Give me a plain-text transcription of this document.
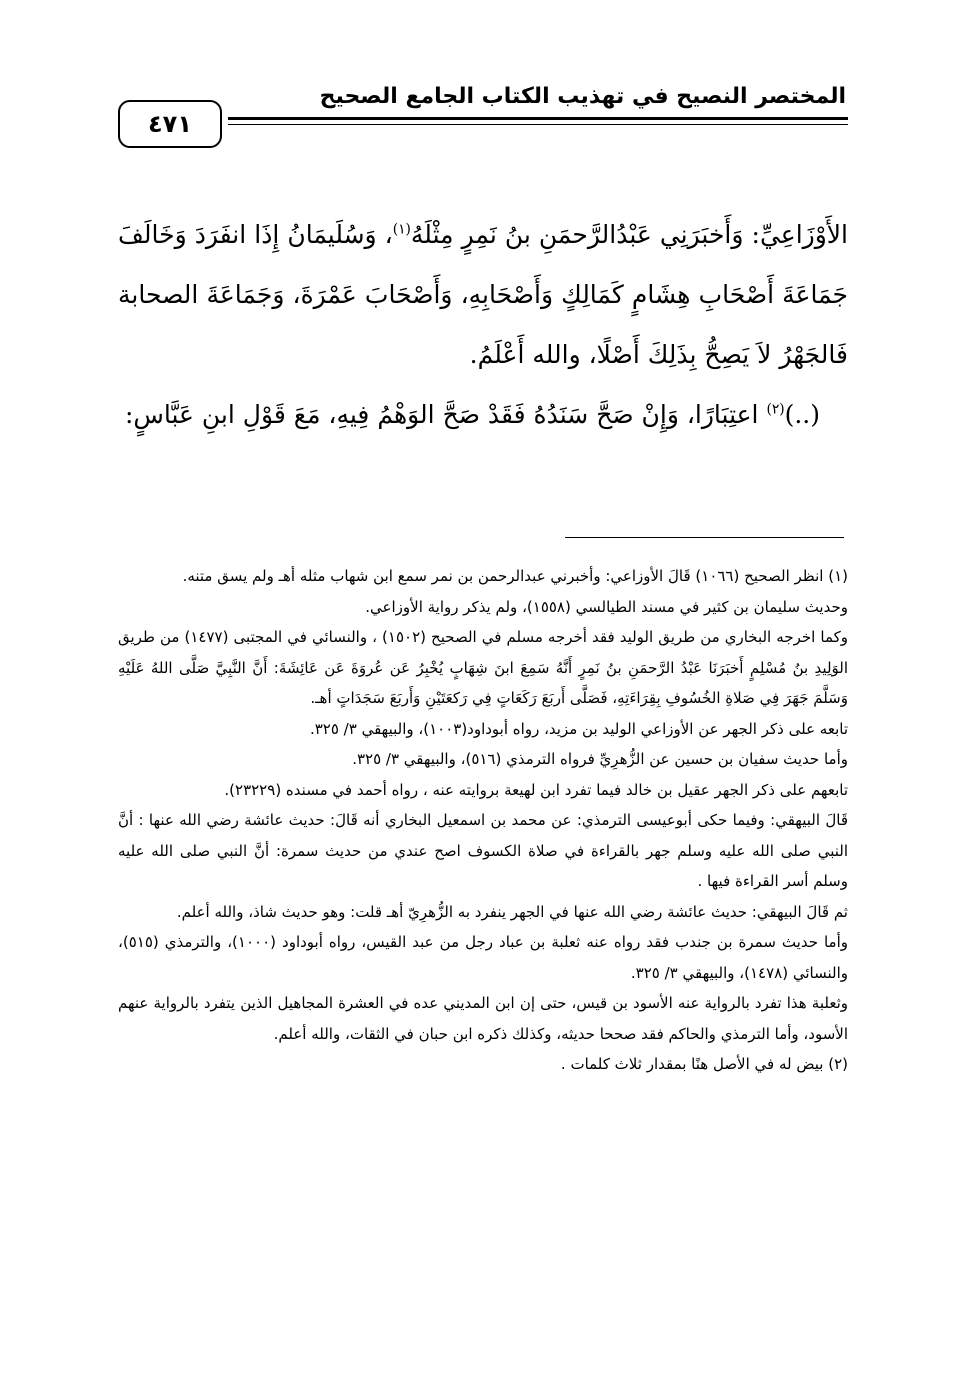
المختصر النصيح في تهذيب الكتاب الجامع الصحيح
٤٧١

الأَوْزَاعِيِّ: وَأَخبَرَنِي عَبْدُالرَّحمَنِ بنُ نَمِرٍ مِثْلَهُ$^{(١)}$، وَسُلَيمَانُ إِذَا انفَرَدَ وَخَالَفَ جَمَاعَةَ أَصْحَابِ هِشَامٍ كَمَالِكٍ وَأَصْحَابِهِ، وَأَصْحَابَ عَمْرَةَ، وَجَمَاعَةَ الصحابة فَالجَهْرُ لاَ يَصِحُّ بِذَلِكَ أَصْلًا، والله أَعْلَمُ.

(..)$^{(٢)}$ اعتِبَارًا، وَإِنْ صَحَّ سَنَدُهُ فَقَدْ صَحَّ الوَهْمُ فِيهِ، مَعَ قَوْلِ ابنِ عَبَّاسٍ:

(١) انظر الصحيح (١٠٦٦) قَالَ الأوزاعي: وأخبرني عبدالرحمن بن نمر سمع ابن شهاب مثله أهـ ولم يسق متنه.

وحديث سليمان بن كثير في مسند الطيالسي (١٥٥٨)، ولم يذكر رواية الأوزاعي.

وكما اخرجه البخاري من طريق الوليد فقد أخرجه مسلم في الصحيح (١٥٠٢) ، والنسائي في المجتبى (١٤٧٧) من طريق الوَلِيدِ بنُ مُسْلِمٍ أَخبَرَنَا عَبْدُ الرَّحمَنِ بنُ نَمِرٍ أَنَّهُ سَمِعَ ابنَ شِهَابٍ يُخْبِرُ عَن عُروَةَ عَن عَائِشَةَ: أَنَّ النَّبِيَّ صَلَّى اللهُ عَلَيْهِ وَسَلَّمَ جَهَرَ فِي صَلاةِ الخُسُوفِ بِقِرَاءَتِهِ، فَصَلَّى أَربَعَ رَكَعَاتٍ فِي رَكعَتَيْنِ وَأَربَعَ سَجَدَاتٍ أهـ.

تابعه على ذكر الجهر عن الأوزاعي الوليد بن مزيد، رواه أبوداود(١٠٠٣)، والبيهقي ٣/ ٣٢٥.

وأما حديث سفيان بن حسين عن الزُّهرِيِّ فرواه الترمذي (٥١٦)، والبيهقي ٣/ ٣٢٥.

تابعهم على ذكر الجهر عقيل بن خالد فيما تفرد ابن لهيعة بروايته عنه ، رواه أحمد في مسنده (٢٣٢٢٩).

قَالَ البيهقي: وفيما حكى أبوعيسى الترمذي: عن محمد بن اسمعيل البخاري أنه قَالَ: حديث عائشة رضي الله عنها : أنَّ النبي صلى الله عليه وسلم جهر بالقراءة في صلاة الكسوف اصح عندي من حديث سمرة: أنَّ النبي صلى الله عليه وسلم أسر القراءة فيها .

ثم قَالَ البيهقي: حديث عائشة رضي الله عنها في الجهر ينفرد به الزُّهرِيّ أهـ قلت: وهو حديث شاذ، والله أعلم.

وأما حديث سمرة بن جندب فقد رواه عنه ثعلبة بن عباد رجل من عبد القيس، رواه أبوداود (١٠٠٠)، والترمذي (٥١٥)، والنسائي (١٤٧٨)، والبيهقي ٣/ ٣٢٥.

وثعلبة هذا تفرد بالرواية عنه الأسود بن قيس، حتى إن ابن المديني عده في العشرة المجاهيل الذين يتفرد بالرواية عنهم الأسود، وأما الترمذي والحاكم فقد صححا حديثه، وكذلك ذكره ابن حبان في الثقات، والله أعلم.

(٢) بيض له في الأصل هنًا بمقدار ثلاث كلمات .
